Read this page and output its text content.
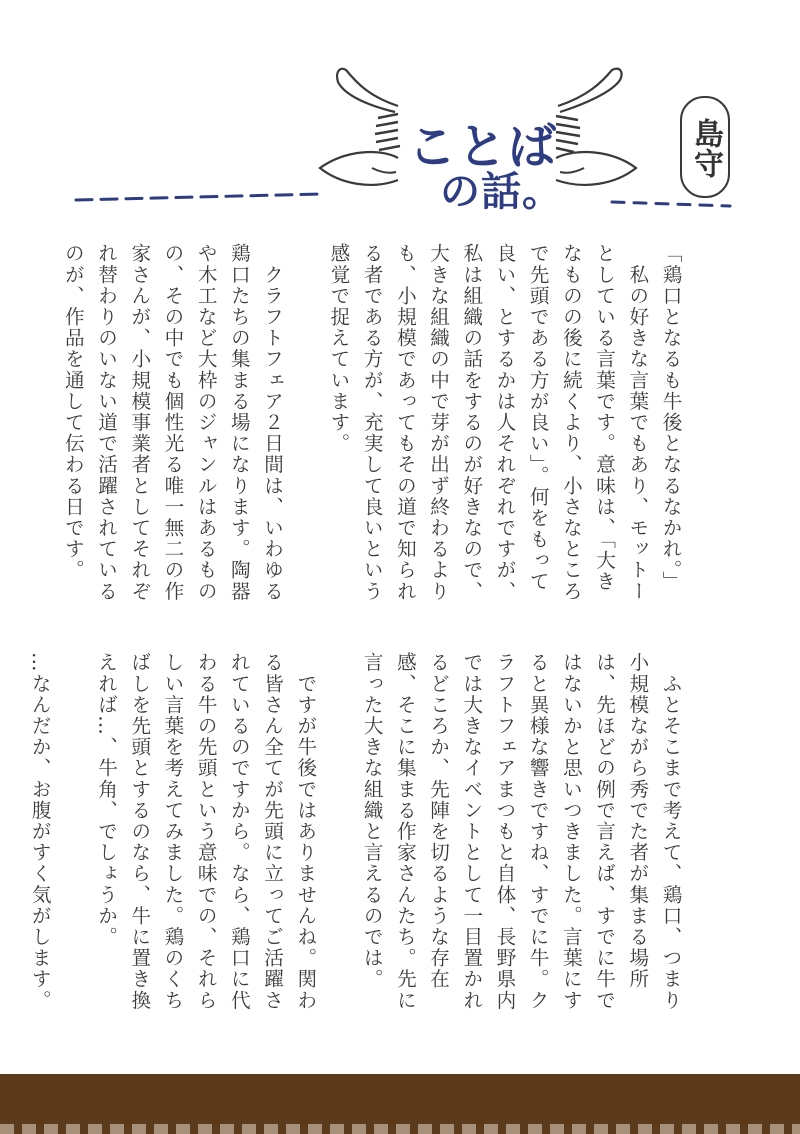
ことば
の話。
島守

「鶏口となるも牛後となるなかれ。」
　私の好きな言葉でもあり、モットー
としている言葉です。意味は、「大き
なものの後に続くより、小さなところ
で先頭である方が良い」。何をもって
良い、とするかは人それぞれですが、
私は組織の話をするのが好きなので、
大きな組織の中で芽が出ず終わるより
も、小規模であってもその道で知られ
る者である方が、充実して良いという
感覚で捉えています。

　クラフトフェア２日間は、いわゆる
鶏口たちの集まる場になります。陶器
や木工など大枠のジャンルはあるもの
の、その中でも個性光る唯一無二の作
家さんが、小規模事業者としてそれぞ
れ替わりのいない道で活躍されている
のが、作品を通して伝わる日です。

　ふとそこまで考えて、鶏口、つまり
小規模ながら秀でた者が集まる場所
は、先ほどの例で言えば、すでに牛で
はないかと思いつきました。言葉にす
ると異様な響きですね、すでに牛。ク
ラフトフェアまつもと自体、長野県内
では大きなイベントとして一目置かれ
るどころか、先陣を切るような存在
感、そこに集まる作家さんたち。先に
言った大きな組織と言えるのでは。

　ですが牛後ではありませんね。関わ
る皆さん全てが先頭に立ってご活躍さ
れているのですから。なら、鶏口に代
わる牛の先頭という意味での、それら
しい言葉を考えてみました。鶏のくち
ばしを先頭とするのなら、牛に置き換
えれば…、牛角、でしょうか。

…なんだか、お腹がすく気がします。
